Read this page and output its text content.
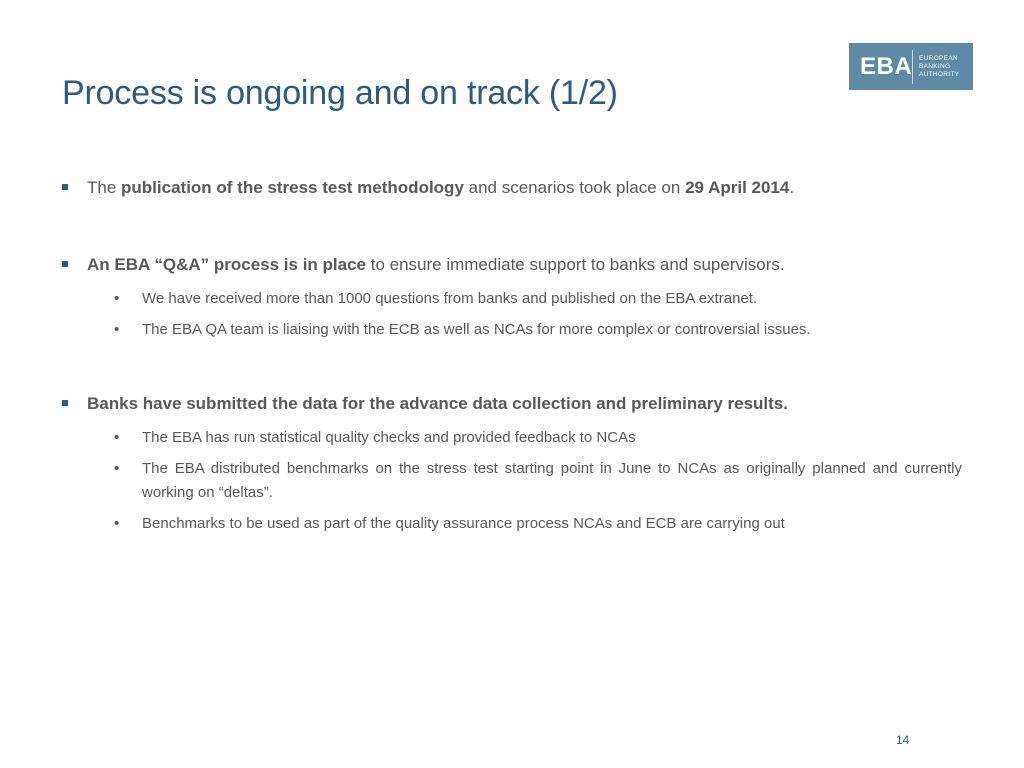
Process is ongoing and on track (1/2)
EBA EUROPEAN
BANKING
AUTHORITY
The publication of the stress test methodology and scenarios took place on 29 April 2014.
An EBA “Q&A” process is in place to ensure immediate support to banks and supervisors.
• We have received more than 1000 questions from banks and published on the EBA extranet.
• The EBA QA team is liaising with the ECB as well as NCAs for more complex or controversial issues.
Banks have submitted the data for the advance data collection and preliminary results.
• The EBA has run statistical quality checks and provided feedback to NCAs
• The EBA distributed benchmarks on the stress test starting point in June to NCAs as originally planned and currently working on “deltas”.
• Benchmarks to be used as part of the quality assurance process NCAs and ECB are carrying out
14
